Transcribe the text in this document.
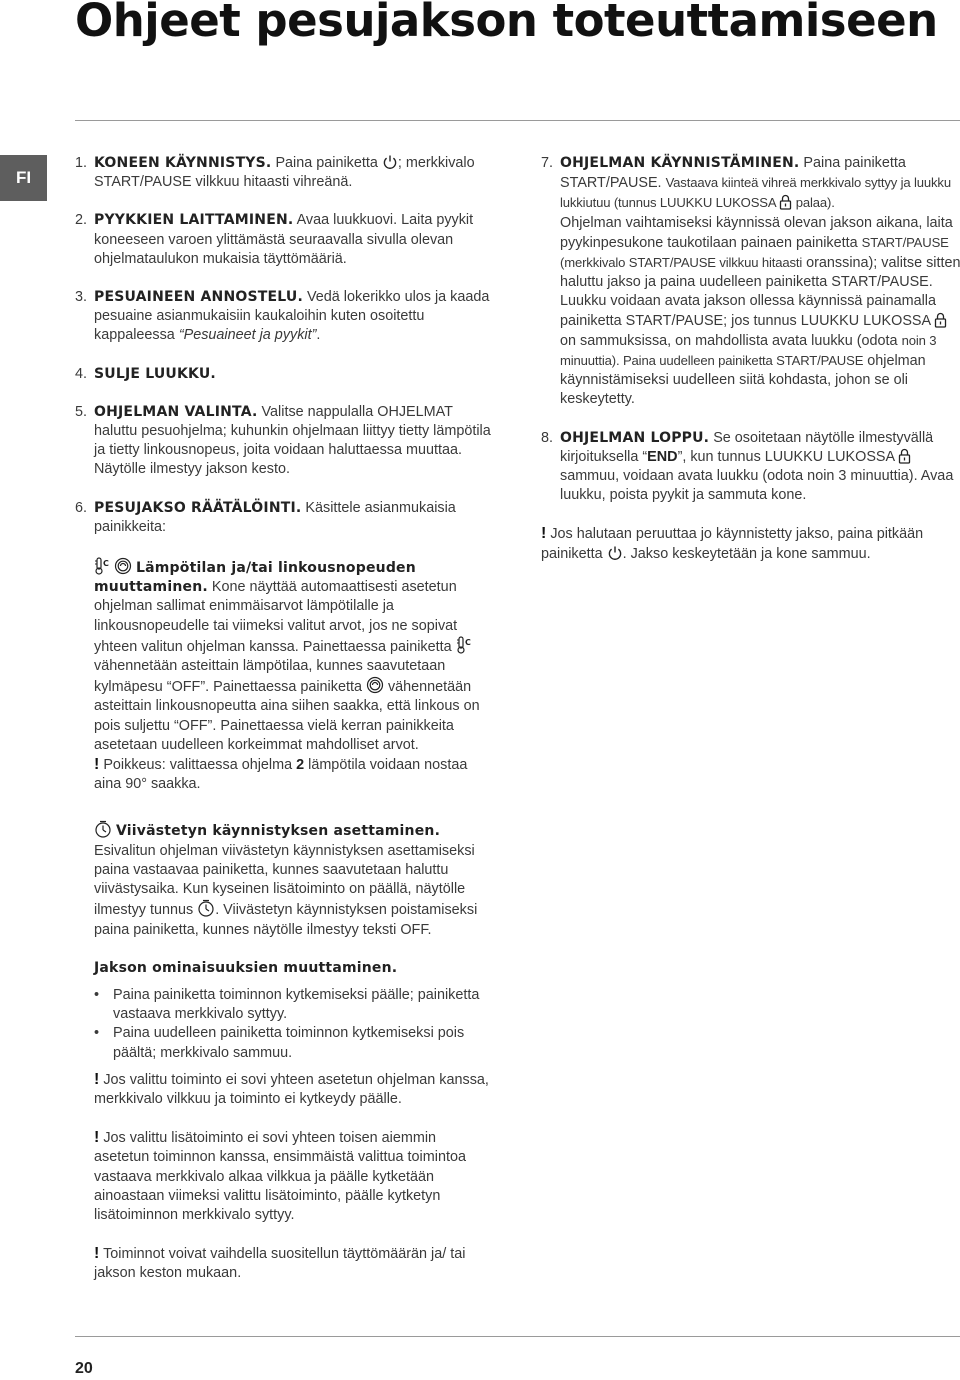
Ohjeet pesujakson toteuttamiseen
FI

1. KONEEN KÄYNNISTYS. Paina painiketta
; merkkivalo START/PAUSE vilkkuu hitaasti vihreänä.

2. PYYKKIEN LAITTAMINEN. Avaa luukkuovi. Laita pyykit koneeseen varoen ylittämästä seuraavalla sivulla olevan ohjelmataulukon mukaisia täyttömääriä.

3. PESUAINEEN ANNOSTELU. Vedä lokerikko ulos ja kaada pesuaine asianmukaisiin kaukaloihin kuten osoitettu kappaleessa “Pesuaineet ja pyykit”.

4. SULJE LUUKKU.

5. OHJELMAN VALINTA. Valitse nappulalla OHJELMAT haluttu pesuohjelma; kuhunkin ohjelmaan liittyy tietty lämpötila ja tietty linkousnopeus, joita voidaan haluttaessa muuttaa. Näytölle ilmestyy jakson kesto.

6. PESUJAKSO RÄÄTÄLÖINTI. Käsittele asianmukaisia painikkeita:

C
Lämpötilan ja/tai linkousnopeuden muuttaminen. Kone näyttää automaattisesti asetetun ohjelman sallimat enimmäisarvot lämpötilalle ja linkousnopeudelle tai viimeksi valitut arvot, jos ne sopivat yhteen valitun ohjelman kanssa. Painettaessa painiketta C
vähennetään asteittain lämpötilaa, kunnes saavutetaan kylmäpesu “OFF”. Painettaessa painiketta
vähennetään asteittain linkousnopeutta aina siihen saakka, että linkous on pois suljettu “OFF”. Painettaessa vielä kerran painikkeita asetetaan uudelleen korkeimmat mahdolliset arvot.
! Poikkeus: valittaessa ohjelma 2 lämpötila voidaan nostaa aina 90° saakka.

Viivästetyn käynnistyksen asettaminen.
Esivalitun ohjelman viivästetyn käynnistyksen asettamiseksi paina vastaavaa painiketta, kunnes saavutetaan haluttu viivästysaika. Kun kyseinen lisätoiminto on päällä, näytölle ilmestyy tunnus
. Viivästetyn käynnistyksen poistamiseksi paina painiketta, kunnes näytölle ilmestyy teksti OFF.

Jakson ominaisuuksien muuttaminen.
• Paina painiketta toiminnon kytkemiseksi päälle; painiketta vastaava merkkivalo syttyy.
• Paina uudelleen painiketta toiminnon kytkemiseksi pois päältä; merkkivalo sammuu.

! Jos valittu toiminto ei sovi yhteen asetetun ohjelman kanssa, merkkivalo vilkkuu ja toiminto ei kytkeydy päälle.

! Jos valittu lisätoiminto ei sovi yhteen toisen aiemmin asetetun toiminnon kanssa, ensimmäistä valittua toimintoa vastaava merkkivalo alkaa vilkkua ja päälle kytketään ainoastaan viimeksi valittu lisätoiminto, päälle kytketyn lisätoiminnon merkkivalo syttyy.

! Toiminnot voivat vaihdella suositellun täyttömäärän ja/ tai jakson keston mukaan.

7. OHJELMAN KÄYNNISTÄMINEN. Paina painiketta START/PAUSE. Vastaava kiinteä vihreä merkkivalo syttyy ja luukku lukkiutuu (tunnus LUUKKU LUKOSSA
palaa).
Ohjelman vaihtamiseksi käynnissä olevan jakson aikana, laita pyykinpesukone taukotilaan painaen painiketta START/PAUSE (merkkivalo START/PAUSE vilkkuu hitaasti oranssina); valitse sitten haluttu jakso ja paina uudelleen painiketta START/PAUSE.
Luukku voidaan avata jakson ollessa käynnissä painamalla painiketta START/PAUSE; jos tunnus LUUKKU LUKOSSA
on sammuksissa, on mahdollista avata luukku (odota noin 3 minuuttia). Paina uudelleen painiketta START/PAUSE ohjelman käynnistämiseksi uudelleen siitä kohdasta, johon se oli keskeytetty.

8. OHJELMAN LOPPU. Se osoitetaan näytölle ilmestyvällä kirjoituksella “END”, kun tunnus LUUKKU LUKOSSA
sammuu, voidaan avata luukku (odota noin 3 minuuttia). Avaa luukku, poista pyykit ja sammuta kone.

! Jos halutaan peruuttaa jo käynnistetty jakso, paina pitkään painiketta
. Jakso keskeytetään ja kone sammuu.

20
